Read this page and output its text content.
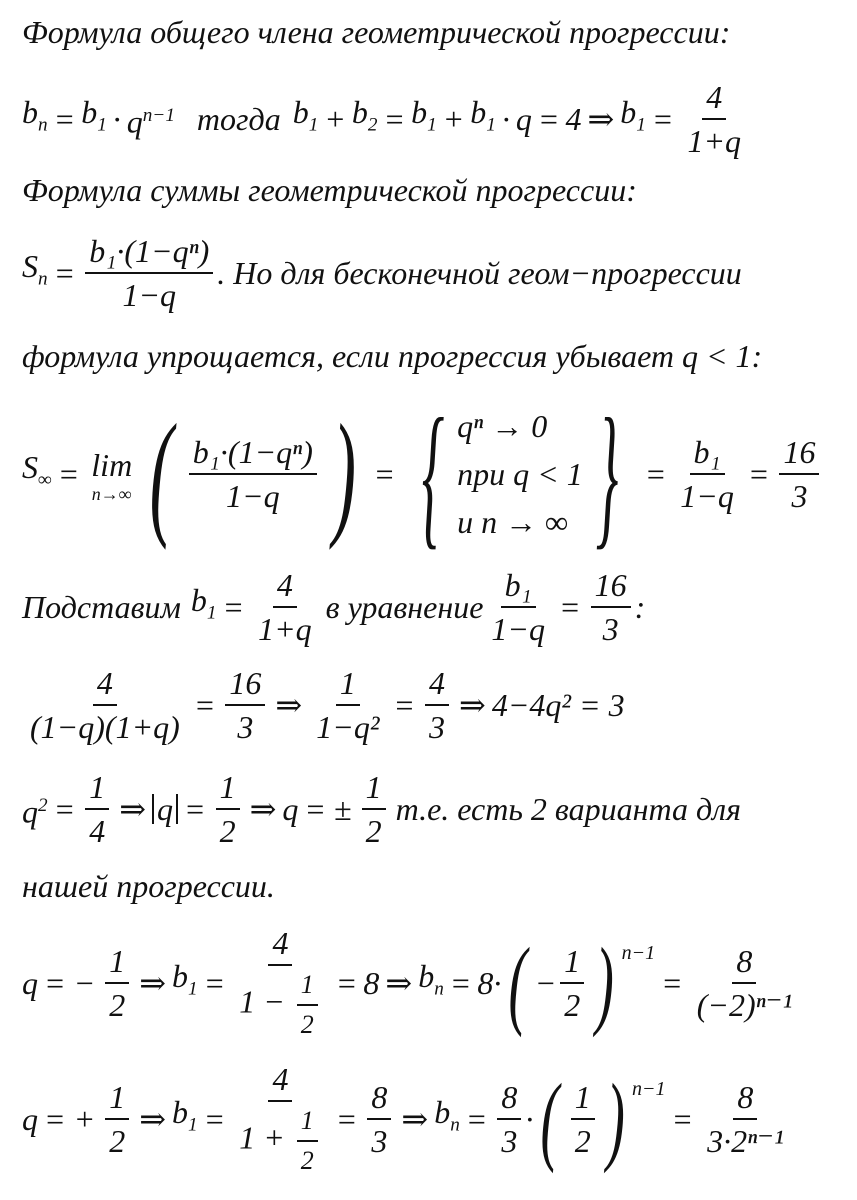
Формула общего члена геометрической прогрессии:
$b_n = b_1 \cdot q^{n-1}$ тогда $b_1 + b_2 = b_1 + b_1 \cdot q = 4$ ⇒ $b_1 = \frac{4}{1+q}$
Формула суммы геометрической прогрессии:
$S_n = \frac{\text{b₁·(1−qⁿ)}}{1-q}$ . Но для бесконечной геом−прогрессии
формула упрощается, если прогрессия убывает q < 1:
$S_\infty = \lim$
n→∞ ( $\frac{\text{b₁·(1−qⁿ)}}{1-q}$ ) = { qⁿ → 0
при q < 1
и n → ∞ } = $\frac{\text{b₁}}{1-q} = \frac{16}{3}$
Подставим $b_1 = \frac{4}{1+q}$ в уравнение $\frac{\text{b₁}}{1-q} = \frac{16}{3}$ :
$\frac{4}{(1-q)(1+q)} = \frac{16}{3}$ ⇒ $\frac{1}{\text{1−q²}} = \frac{4}{3}$ ⇒ 4−4q² = 3
$q^2 = \frac{1}{4}$ ⇒ $q = \frac{1}{2}$ ⇒ q = ± $\frac{1}{2} т.е$. есть 2 варианта для
нашей прогрессии.
q = − $\frac{1}{2}$ ⇒ $b_1 = \frac{4}{1 - \frac{1}{2}} = 8$ ⇒ $b_n = 8\cdot$ ( − $\frac{1}{2}$ ) $^{n-1}$
= $\frac{8}{\text{(−2)ⁿ⁻¹}}$
q = + $\frac{1}{2}$ ⇒ $b_1 = \frac{4}{1 + \frac{1}{2}} = \frac{8}{3}$ ⇒ $b_n = \frac{8}{3}$ · ( $\frac{1}{2}$ ) $^{n-1}$
= $\frac{8}{\text{3·2ⁿ⁻¹}}$
